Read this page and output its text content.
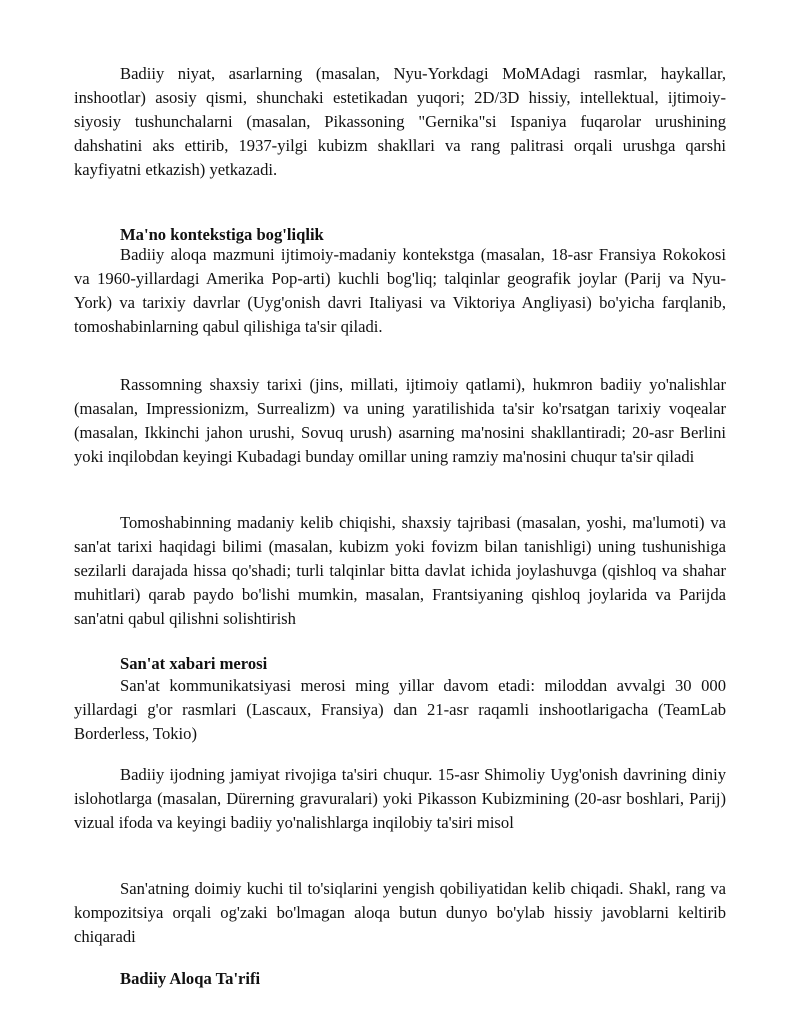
Badiiy niyat, asarlarning (masalan, Nyu-Yorkdagi MoMAdagi rasmlar, haykallar, inshootlar) asosiy qismi, shunchaki estetikadan yuqori; 2D/3D hissiy, intellektual, ijtimoiy-siyosiy tushunchalarni (masalan, Pikassoning "Gernika"si Ispaniya fuqarolar urushining dahshatini aks ettirib, 1937-yilgi kubizm shakllari va rang palitrasi orqali urushga qarshi kayfiyatni etkazish) yetkazadi.

Ma'no kontekstiga bog'liqlik

Badiiy aloqa mazmuni ijtimoiy-madaniy kontekstga (masalan, 18-asr Fransiya Rokokosi va 1960-yillardagi Amerika Pop-arti) kuchli bog'liq; talqinlar geografik joylar (Parij va Nyu-York) va tarixiy davrlar (Uyg'onish davri Italiyasi va Viktoriya Angliyasi) bo'yicha farqlanib, tomoshabinlarning qabul qilishiga ta'sir qiladi.

Rassomning shaxsiy tarixi (jins, millati, ijtimoiy qatlami), hukmron badiiy yo'nalishlar (masalan, Impressionizm, Surrealizm) va uning yaratilishida ta'sir ko'rsatgan tarixiy voqealar (masalan, Ikkinchi jahon urushi, Sovuq urush) asarning ma'nosini shakllantiradi; 20-asr Berlini yoki inqilobdan keyingi Kubadagi bunday omillar uning ramziy ma'nosini chuqur ta'sir qiladi

Tomoshabinning madaniy kelib chiqishi, shaxsiy tajribasi (masalan, yoshi, ma'lumoti) va san'at tarixi haqidagi bilimi (masalan, kubizm yoki fovizm bilan tanishligi) uning tushunishiga sezilarli darajada hissa qo'shadi; turli talqinlar bitta davlat ichida joylashuvga (qishloq va shahar muhitlari) qarab paydo bo'lishi mumkin, masalan, Frantsiyaning qishloq joylarida va Parijda san'atni qabul qilishni solishtirish

San'at xabari merosi

San'at kommunikatsiyasi merosi ming yillar davom etadi: miloddan avvalgi 30 000 yillardagi g'or rasmlari (Lascaux, Fransiya) dan 21-asr raqamli inshootlarigacha (TeamLab Borderless, Tokio)

Badiiy ijodning jamiyat rivojiga ta'siri chuqur. 15-asr Shimoliy Uyg'onish davrining diniy islohotlarga (masalan, Dürerning gravuralari) yoki Pikasson Kubizmining (20-asr boshlari, Parij) vizual ifoda va keyingi badiiy yo'nalishlarga inqilobiy ta'siri misol

San'atning doimiy kuchi til to'siqlarini yengish qobiliyatidan kelib chiqadi. Shakl, rang va kompozitsiya orqali og'zaki bo'lmagan aloqa butun dunyo bo'ylab hissiy javoblarni keltirib chiqaradi

Badiiy Aloqa Ta'rifi
